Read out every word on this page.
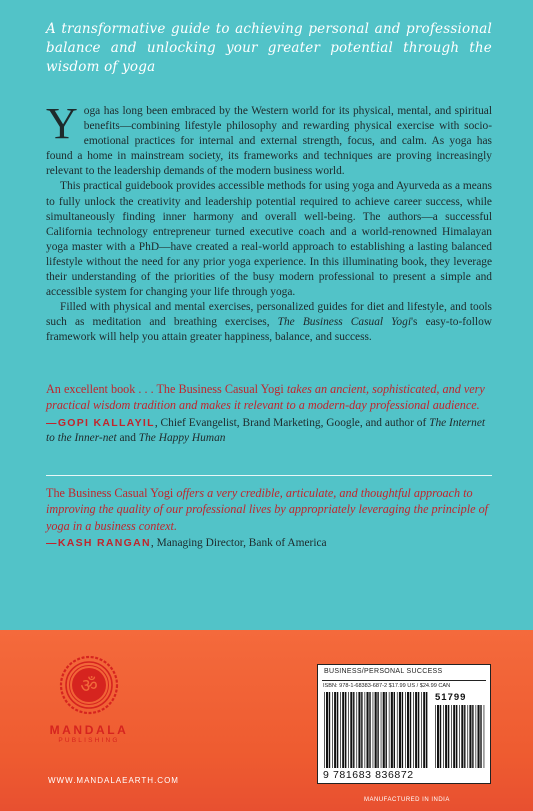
A transformative guide to achieving personal and professional balance and unlocking your greater potential through the wisdom of yoga

Yoga has long been embraced by the Western world for its physical, mental, and spiritual benefits—combining lifestyle philosophy and rewarding physical exercise with socio-emotional practices for internal and external strength, focus, and calm. As yoga has found a home in mainstream society, its frameworks and techniques are proving increasingly relevant to the leadership demands of the modern business world.

This practical guidebook provides accessible methods for using yoga and Ayurveda as a means to fully unlock the creativity and leadership potential required to achieve career success, while simultaneously finding inner harmony and overall well-being. The authors—a successful California technology entrepreneur turned executive coach and a world-renowned Himalayan yoga master with a PhD—have created a real-world approach to establishing a lasting balanced lifestyle without the need for any prior yoga experience. In this illuminating book, they leverage their understanding of the priorities of the busy modern professional to present a simple and accessible system for changing your life through yoga.

Filled with physical and mental exercises, personalized guides for diet and lifestyle, and tools such as meditation and breathing exercises, The Business Casual Yogi's easy-to-follow framework will help you attain greater happiness, balance, and success.

An excellent book . . . The Business Casual Yogi takes an ancient, sophisticated, and very practical wisdom tradition and makes it relevant to a modern-day professional audience.

—GOPI KALLAYIL, Chief Evangelist, Brand Marketing, Google, and author of The Internet to the Inner-net and The Happy Human

The Business Casual Yogi offers a very credible, articulate, and thoughtful approach to improving the quality of our professional lives by appropriately leveraging the principle of yoga in a business context.

—KASH RANGAN, Managing Director, Bank of America

ॐ
MANDALA
PUBLISHING
WWW.MANDALAEARTH.COM
BUSINESS/PERSONAL SUCCESS
ISBN: 978-1-68383-687-2 $17.99 US / $24.99 CAN
51799
9 781683 836872
MANUFACTURED IN INDIA
